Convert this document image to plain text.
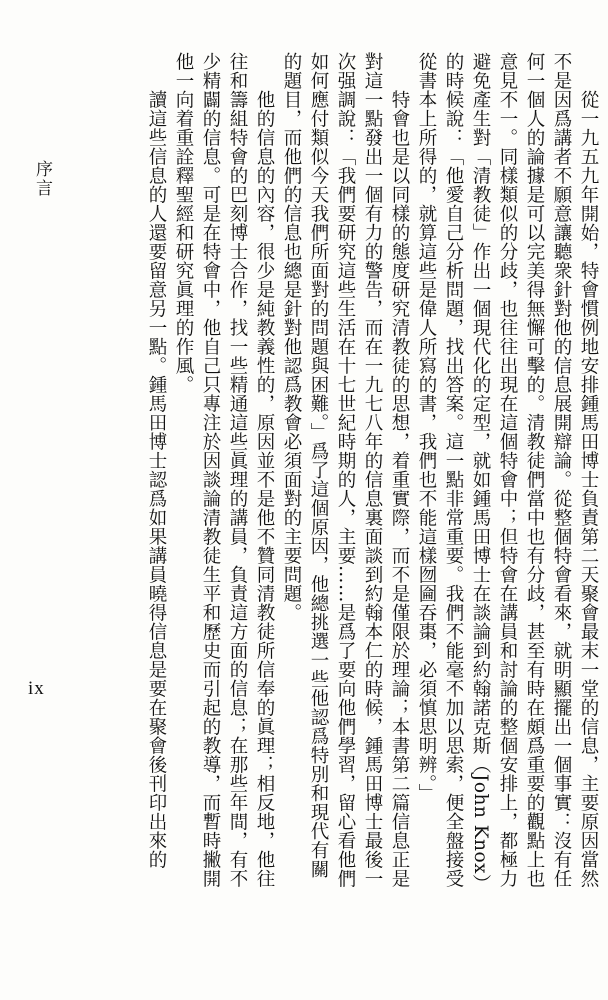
從一九五九年開始，特會慣例地安排鍾馬田博士負責第二天聚會最末一堂的信息，主要原因當然
不是因爲講者不願意讓聽衆針對他的信息展開辯論。從整個特會看來，就明顯擺出一個事實：沒有任
何一個人的論據是可以完美得無懈可擊的。清教徒們當中也有分歧，甚至有時在頗爲重要的觀點上也
意見不一。同樣類似的分歧，也往往出現在這個特會中；但特會在講員和討論的整個安排上，都極力
避免產生對「清教徒」作出一個現代化的定型，就如鍾馬田博士在談論到約翰諾克斯（John Knox）
的時候說：「他愛自己分析問題，找出答案。這一點非常重要。我們不能毫不加以思索，便全盤接受
從書本上所得的，就算這些是偉人所寫的書，我們也不能這樣囫圇吞棗，必須慎思明辨。」
特會也是以同樣的態度研究清教徒的思想，着重實際，而不是僅限於理論；本書第二篇信息正是
對這一點發出一個有力的警告，而在一九七八年的信息裏面談到約翰本仁的時候，鍾馬田博士最後一
次强調說：「我們要研究這些生活在十七世紀時期的人，主要……是爲了要向他們學習，留心看他們
如何應付類似今天我們所面對的問題與困難。」爲了這個原因，他總挑選一些他認爲特別和現代有關
的題目，而他們的信息也總是針對他認爲教會必須面對的主要問題。
他的信息的內容，很少是純教義性的，原因並不是他不贊同清教徒所信奉的眞理；相反地，他往
往和籌組特會的巴刻博士合作，找一些精通這些眞理的講員，負責這方面的信息；在那些年間，有不
少精闢的信息。可是在特會中，他自己只專注於因談論清教徒生平和歷史而引起的教導，而暫時撇開
他一向着重詮釋聖經和研究眞理的作風。
讀這些信息的人還要留意另一點。鍾馬田博士認爲如果講員曉得信息是要在聚會後刊印出來的
序言
ix
